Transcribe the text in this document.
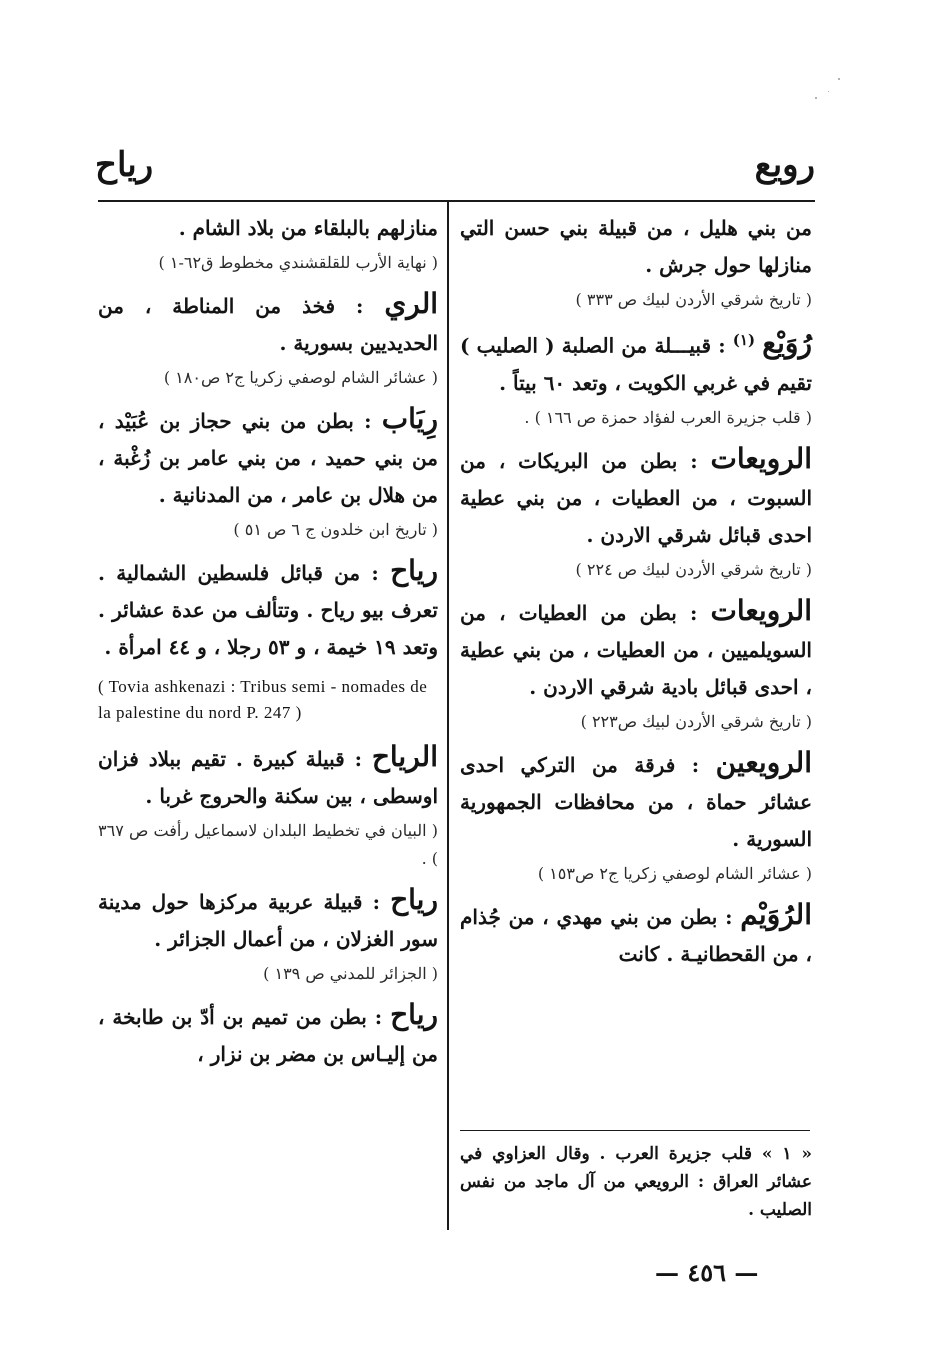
رويع
رياح

من بني هليل ، من قبيلة بني حسن التي منازلها حول جرش .

( تاريخ شرقي الأردن لبيك ص ٣٣٣ )

رُوَيْع $^{(١)}$ : قبيـــلة من الصلبة ( الصليب ) تقيم في غربي الكويت ، وتعد ٦٠ بيتاً .

( قلب جزيرة العرب لفؤاد حمزة ص ١٦٦ ) .

الرويعات : بطن من البريكات ، من السبوت ، من العطيات ، من بني عطية احدى قبائل شرقي الاردن .

( تاريخ شرقي الأردن لبيك ص ٢٢٤ )

الرويعات : بطن من العطيات ، من السويلميين ، من العطيات ، من بني عطية ، احدى قبائل بادية شرقي الاردن .

( تاريخ شرقي الأردن لبيك ص٢٢٣ )

الرويعين : فرقة من التركي احدى عشائر حماة ، من محافظات الجمهورية السورية .

( عشائر الشام لوصفي زكريا ج٢ ص١٥٣ )

الرُوَيْم : بطن من بني مهدي ، من جُذام ، من القحطانيـة . كانت

منازلهم بالبلقاء من بلاد الشام .

( نهاية الأرب للقلقشندي مخطوط ق٦٢-١ )

الري : فخذ من المناطة ، من الحديديين بسورية .

( عشائر الشام لوصفي زكريا ج٢ ص١٨٠ )

رِيَاب : بطن من بني حجاز بن عُبَيْد ، من بني حميد ، من بني عامر بن زُغْبة ، من هلال بن عامر ، من المدنانية .

( تاريخ ابن خلدون ج ٦ ص ٥١ )

رياح : من قبائل فلسطين الشمالية . تعرف بيو رياح . وتتألف من عدة عشائر . وتعد ١٩ خيمة ، و ٥٣ رجلا ، و ٤٤ امرأة .

( Tovia ashkenazi : Tribus semi - nomades de la palestine du nord P. 247 )

الرياح : قبيلة كبيرة . تقيم ببلاد فزان اوسطى ، بين سكنة والحروج غربا .

( البيان في تخطيط البلدان لاسماعيل رأفت ص ٣٦٧ ) .

رياح : قبيلة عربية مركزها حول مدينة سور الغزلان ، من أعمال الجزائر .

( الجزائر للمدني ص ١٣٩ )

رياح : بطن من تميم بن أدّ بن طابخة ، من إليـاس بن مضر بن نزار ،

« ١ » قلب جزيرة العرب . وقال العزاوي في عشائر العراق : الرويعي من آل ماجد من نفس الصليب .
— ٤٥٦ —
